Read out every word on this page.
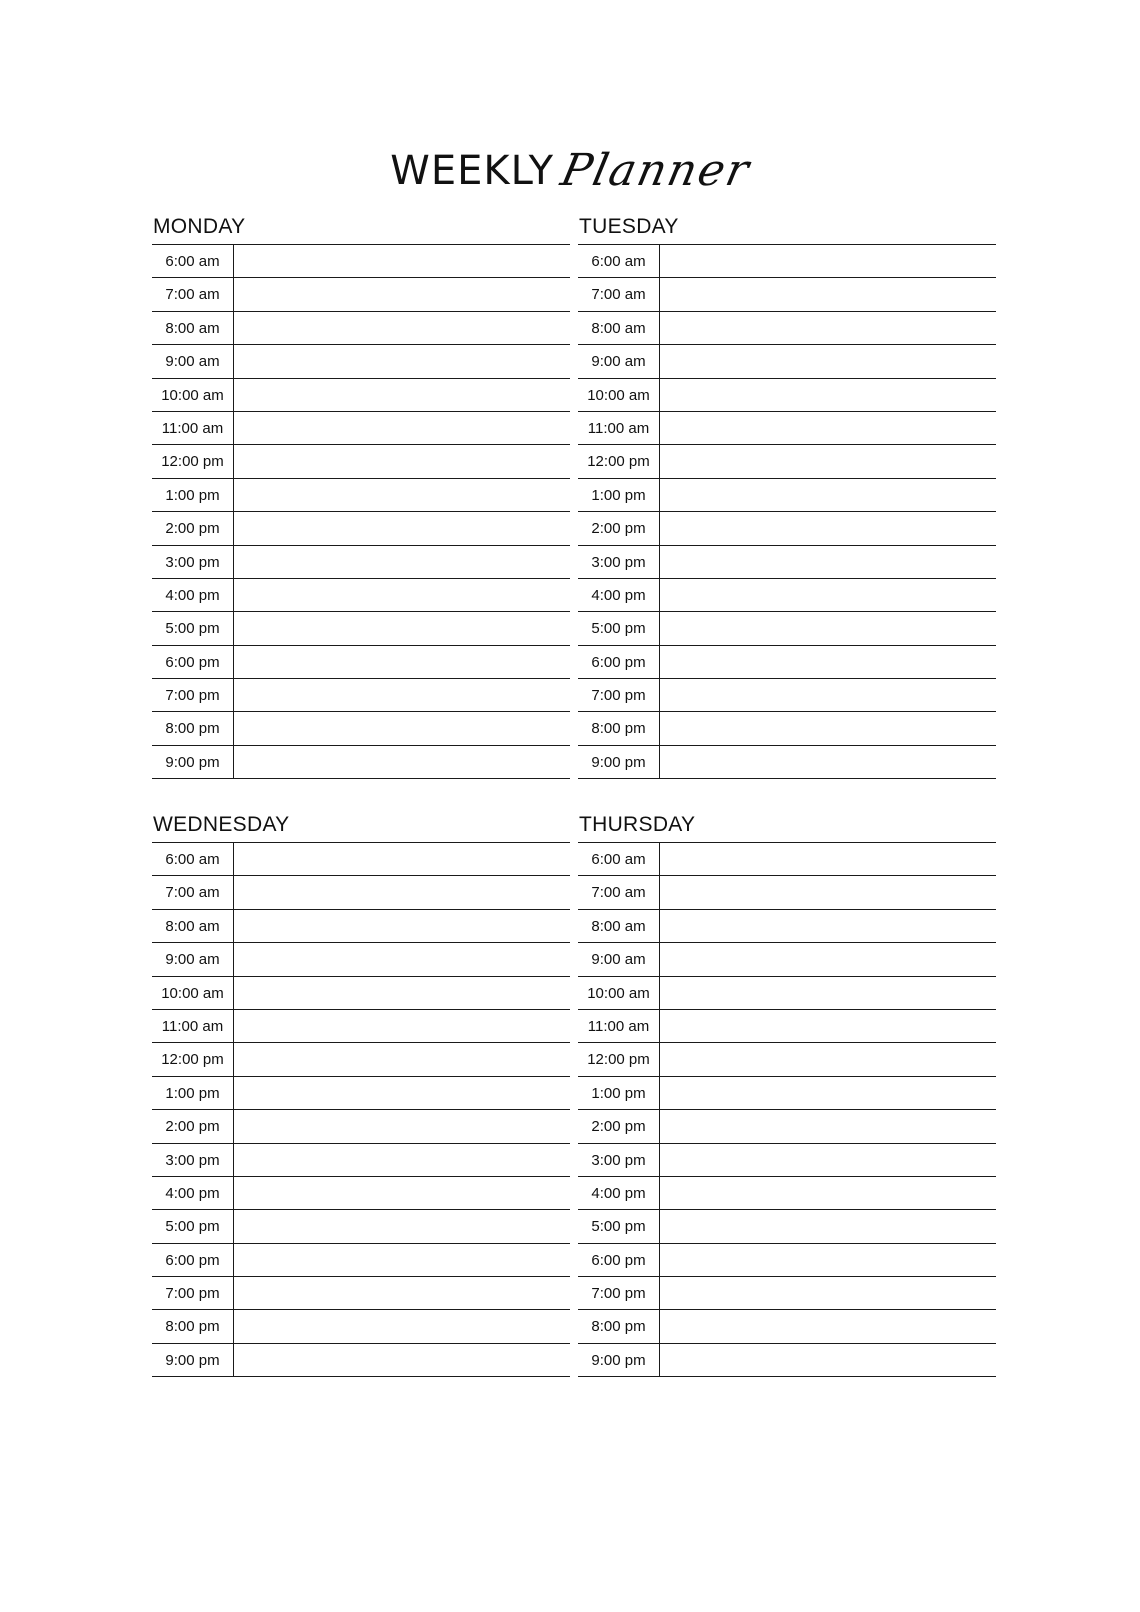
WEEKLYPlanner
MONDAY
6:00 am
7:00 am
8:00 am
9:00 am
10:00 am
11:00 am
12:00 pm
1:00 pm
2:00 pm
3:00 pm
4:00 pm
5:00 pm
6:00 pm
7:00 pm
8:00 pm
9:00 pm
TUESDAY
6:00 am
7:00 am
8:00 am
9:00 am
10:00 am
11:00 am
12:00 pm
1:00 pm
2:00 pm
3:00 pm
4:00 pm
5:00 pm
6:00 pm
7:00 pm
8:00 pm
9:00 pm
WEDNESDAY
6:00 am
7:00 am
8:00 am
9:00 am
10:00 am
11:00 am
12:00 pm
1:00 pm
2:00 pm
3:00 pm
4:00 pm
5:00 pm
6:00 pm
7:00 pm
8:00 pm
9:00 pm
THURSDAY
6:00 am
7:00 am
8:00 am
9:00 am
10:00 am
11:00 am
12:00 pm
1:00 pm
2:00 pm
3:00 pm
4:00 pm
5:00 pm
6:00 pm
7:00 pm
8:00 pm
9:00 pm
